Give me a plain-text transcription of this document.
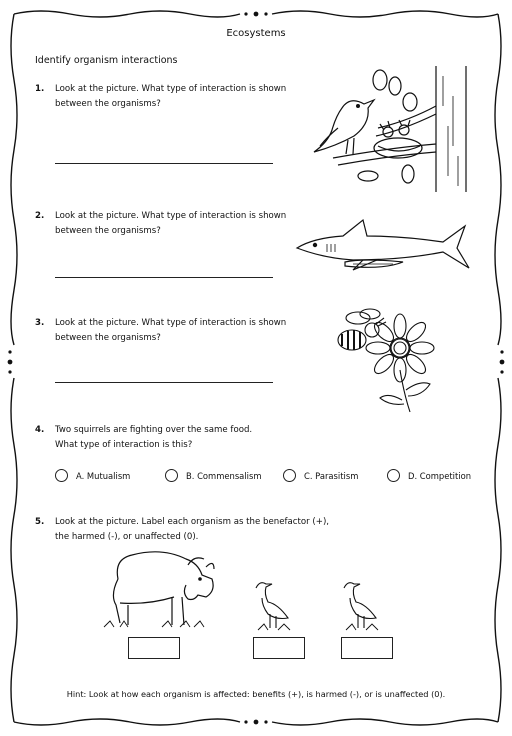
Ecosystems
Identify organism interactions
1. Look at the picture. What type of interaction is shown
between the organisms?
2. Look at the picture. What type of interaction is shown
between the organisms?
3. Look at the picture. What type of interaction is shown
between the organisms?
4. Two squirrels are fighting over the same food.
What type of interaction is this?
A. Mutualism	B. Commensalism	C. Parasitism	D. Competition
5. Look at the picture. Label each organism as the benefactor (+),
the harmed (-), or unaffected (0).
Hint: Look at how each organism is affected: benefits (+), is harmed (-), or is unaffected (0).
